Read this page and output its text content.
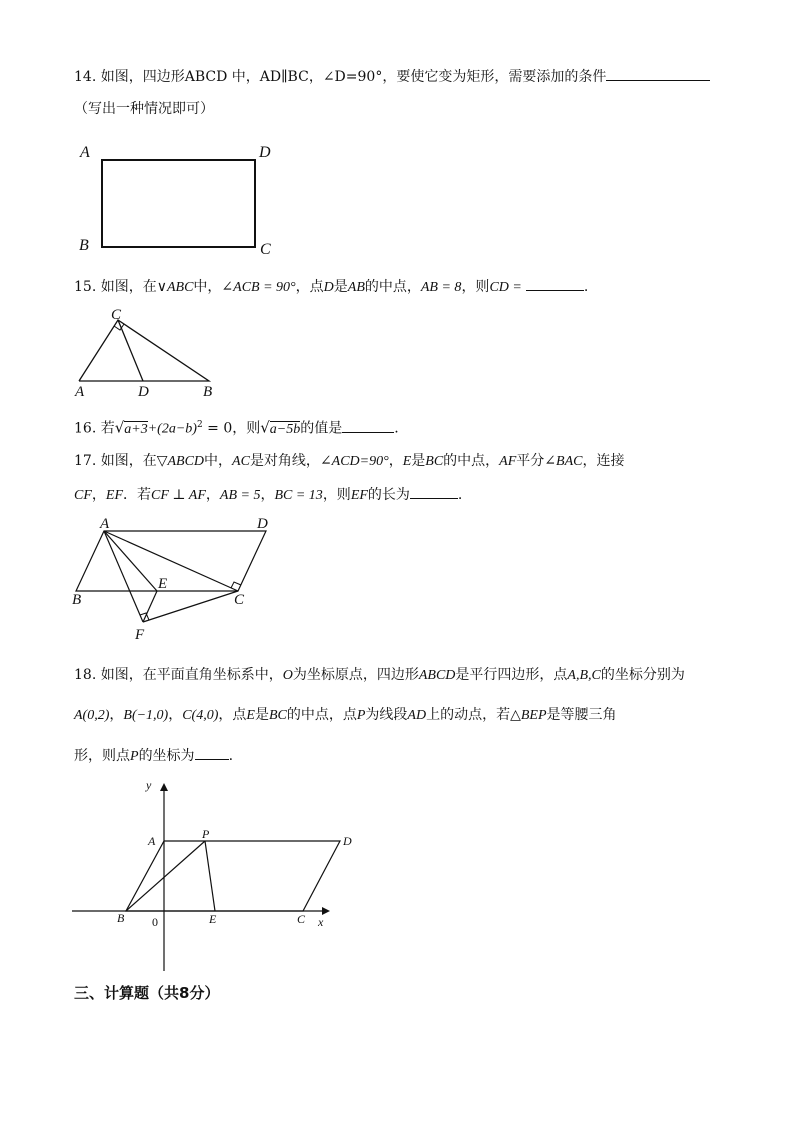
14. 如图，四边形ABCD 中，AD∥BC，∠D=90°，要使它变为矩形，需要添加的条件
（写出一种情况即可）
A	D
B	C
15. 如图，在∨ABC中，∠ACB = 90°，点D是AB的中点，AB = 8，则CD =	.
C
A	D	B
16. 若$√a+3+(2a-b)^2 = 0$，则√a−5b的值是	.
17. 如图，在▽ABCD中，AC是对角线，∠ACD=90°，E是BC的中点，AF平分∠BAC，连接
CF，EF．若CF ⊥ AF，AB = 5，BC = 13，则EF的长为	.
A	D
B
E
C
F
18. 如图，在平面直角坐标系中，O为坐标原点，四边形ABCD是平行四边形，点A,B,C的坐标分别为
A(0,2)，B(−1,0)，C(4,0)，点E是BC的中点，点P为线段AD上的动点，若△BEP是等腰三角
形，则点P的坐标为 .
y
x
A	P	D
B 0	E	C
三、计算题（共8分）
